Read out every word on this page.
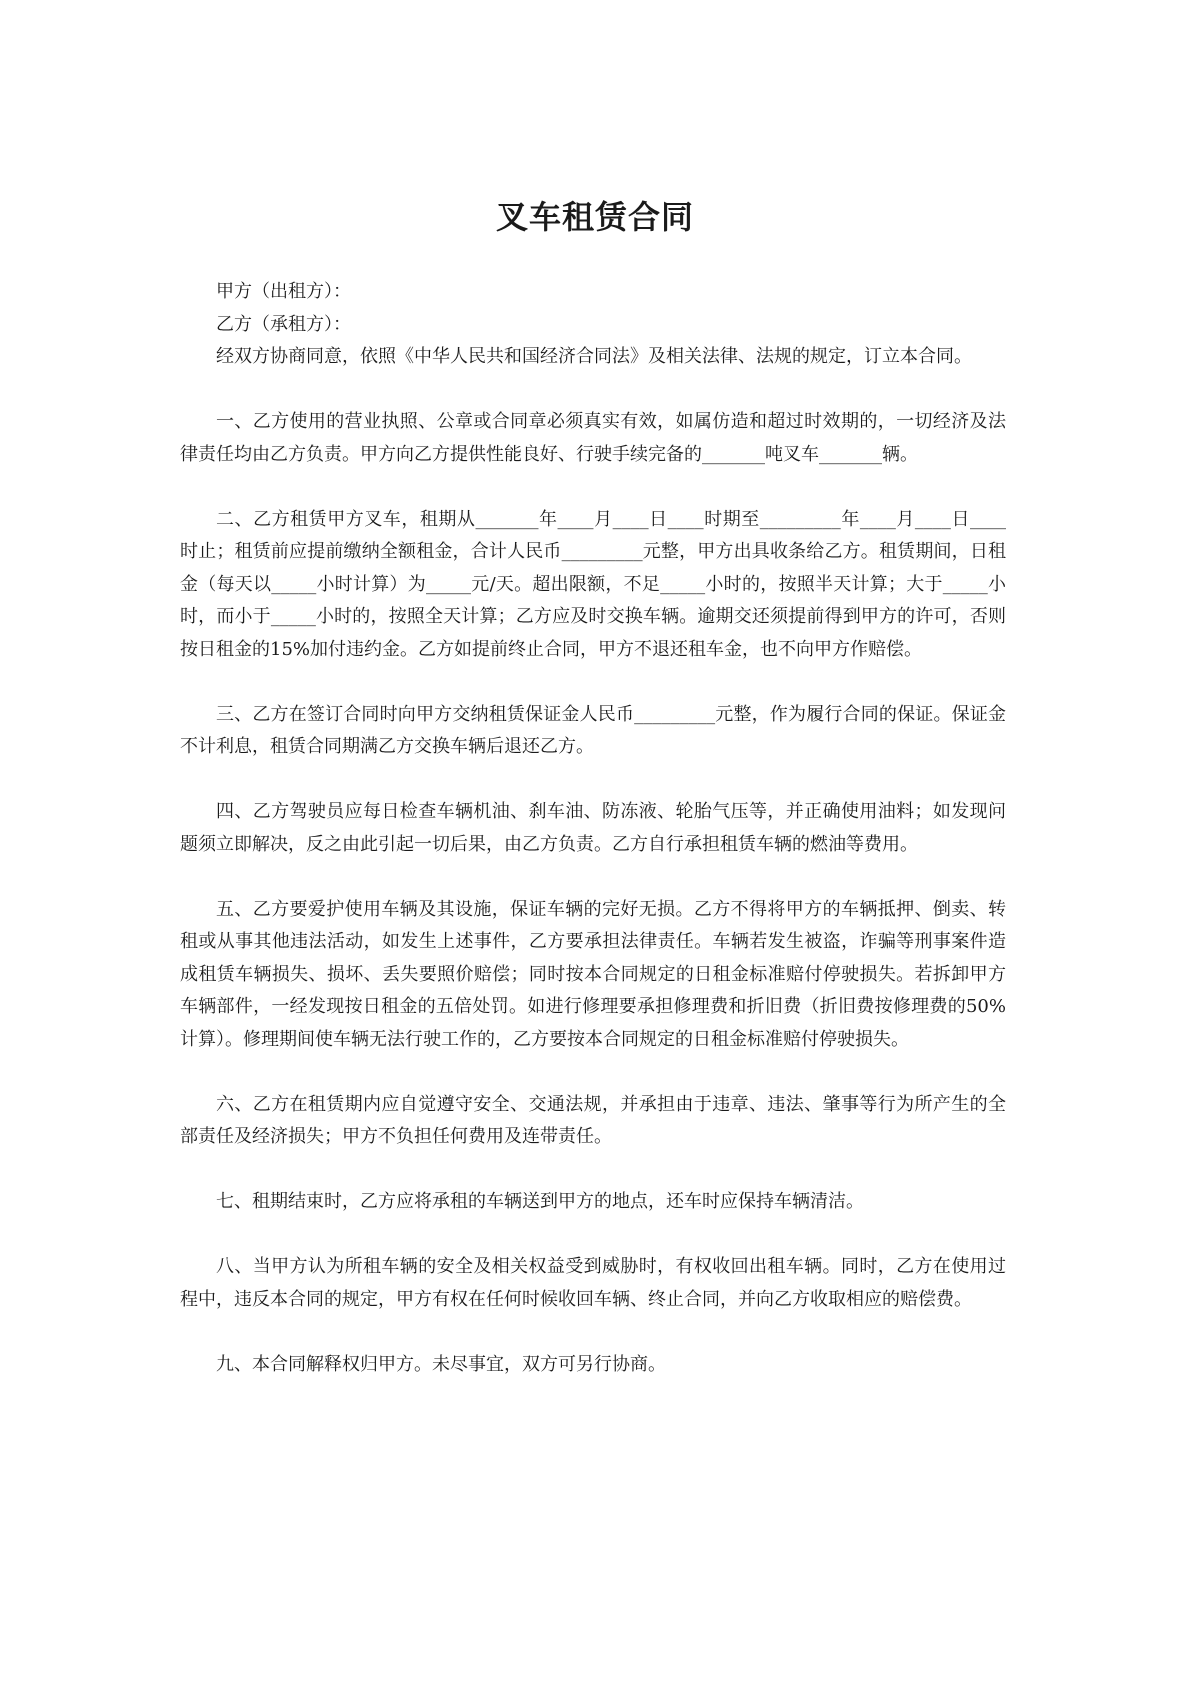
叉车租赁合同

甲方（出租方）：

乙方（承租方）：

经双方协商同意，依照《中华人民共和国经济合同法》及相关法律、法规的规定，订立本合同。

一、乙方使用的营业执照、公章或合同章必须真实有效，如属仿造和超过时效期的，一切经济及法律责任均由乙方负责。甲方向乙方提供性能良好、行驶手续完备的_______吨叉车_______辆。

二、乙方租赁甲方叉车，租期从_______年____月____日____时期至_________年____月____日____时止；租赁前应提前缴纳全额租金，合计人民币_________元整，甲方出具收条给乙方。租赁期间，日租金（每天以_____小时计算）为_____元/天。超出限额，不足_____小时的，按照半天计算；大于_____小时，而小于_____小时的，按照全天计算；乙方应及时交换车辆。逾期交还须提前得到甲方的许可，否则按日租金的15%加付违约金。乙方如提前终止合同，甲方不退还租车金，也不向甲方作赔偿。

三、乙方在签订合同时向甲方交纳租赁保证金人民币_________元整，作为履行合同的保证。保证金不计利息，租赁合同期满乙方交换车辆后退还乙方。

四、乙方驾驶员应每日检查车辆机油、刹车油、防冻液、轮胎气压等，并正确使用油料；如发现问题须立即解决，反之由此引起一切后果，由乙方负责。乙方自行承担租赁车辆的燃油等费用。

五、乙方要爱护使用车辆及其设施，保证车辆的完好无损。乙方不得将甲方的车辆抵押、倒卖、转租或从事其他违法活动，如发生上述事件，乙方要承担法律责任。车辆若发生被盗，诈骗等刑事案件造成租赁车辆损失、损坏、丢失要照价赔偿；同时按本合同规定的日租金标准赔付停驶损失。若拆卸甲方车辆部件，一经发现按日租金的五倍处罚。如进行修理要承担修理费和折旧费（折旧费按修理费的50%计算）。修理期间使车辆无法行驶工作的，乙方要按本合同规定的日租金标准赔付停驶损失。

六、乙方在租赁期内应自觉遵守安全、交通法规，并承担由于违章、违法、肇事等行为所产生的全部责任及经济损失；甲方不负担任何费用及连带责任。

七、租期结束时，乙方应将承租的车辆送到甲方的地点，还车时应保持车辆清洁。

八、当甲方认为所租车辆的安全及相关权益受到威胁时，有权收回出租车辆。同时，乙方在使用过程中，违反本合同的规定，甲方有权在任何时候收回车辆、终止合同，并向乙方收取相应的赔偿费。

九、本合同解释权归甲方。未尽事宜，双方可另行协商。
